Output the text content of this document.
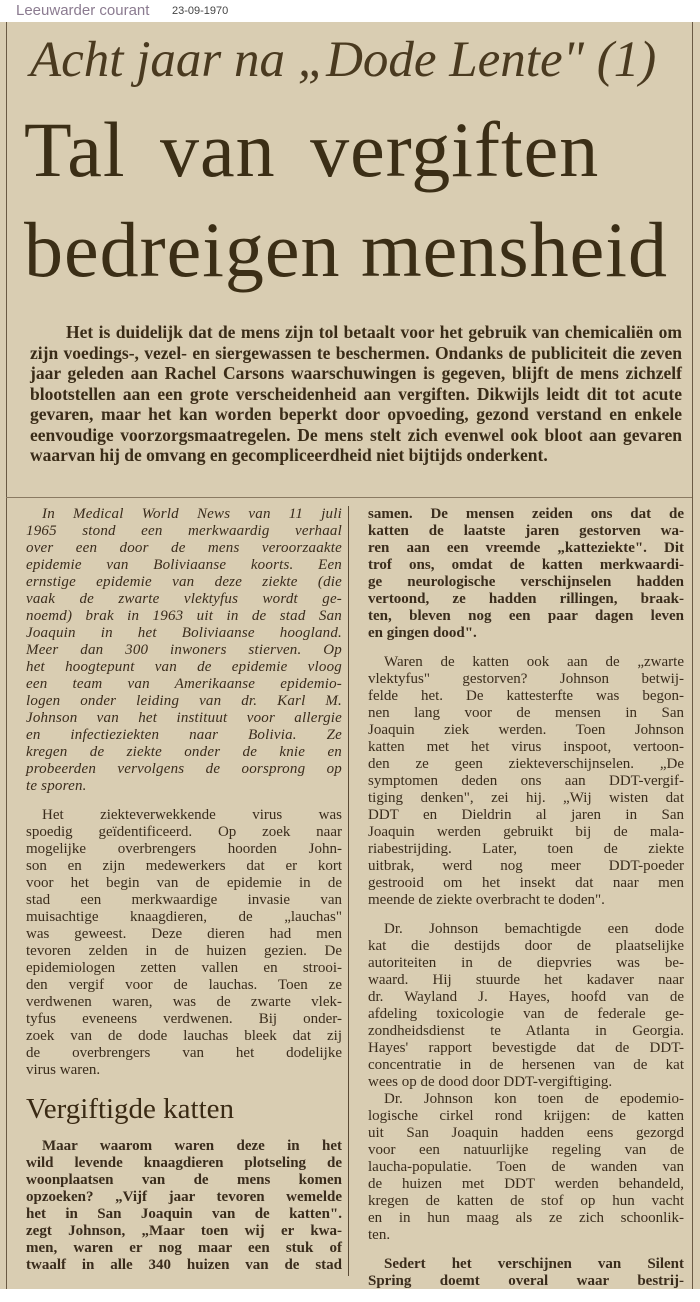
Leeuwarder courant 23-09-1970
Acht jaar na „Dode Lente" (1)
Tal van vergiften
bedreigen mensheid
Het is duidelijk dat de mens zijn tol betaalt voor het gebruik van chemicaliën om zijn voedings-, vezel- en siergewassen te beschermen. Ondanks de publiciteit die zeven jaar geleden aan Rachel Carsons waarschuwingen is gegeven, blijft de mens zichzelf blootstellen aan een grote verscheidenheid aan vergiften. Dikwijls leidt dit tot acute gevaren, maar het kan worden beperkt door opvoeding, gezond verstand en enkele eenvoudige voorzorgsmaatregelen. De mens stelt zich evenwel ook bloot aan gevaren waarvan hij de omvang en gecompliceerdheid niet bijtijds onderkent.
In Medical World News van 11 juli
1965 stond een merkwaardig verhaal
over een door de mens veroorzaakte
epidemie van Boliviaanse koorts. Een
ernstige epidemie van deze ziekte (die
vaak de zwarte vlektyfus wordt ge-
noemd) brak in 1963 uit in de stad San
Joaquin in het Boliviaanse hoogland.
Meer dan 300 inwoners stierven. Op
het hoogtepunt van de epidemie vloog
een team van Amerikaanse epidemio-
logen onder leiding van dr. Karl M.
Johnson van het instituut voor allergie
en infectieziekten naar Bolivia. Ze
kregen de ziekte onder de knie en
probeerden vervolgens de oorsprong op
te sporen.
Het ziekteverwekkende virus was
spoedig geïdentificeerd. Op zoek naar
mogelijke overbrengers hoorden John-
son en zijn medewerkers dat er kort
voor het begin van de epidemie in de
stad een merkwaardige invasie van
muisachtige knaagdieren, de „lauchas"
was geweest. Deze dieren had men
tevoren zelden in de huizen gezien. De
epidemiologen zetten vallen en strooi-
den vergif voor de lauchas. Toen ze
verdwenen waren, was de zwarte vlek-
tyfus eveneens verdwenen. Bij onder-
zoek van de dode lauchas bleek dat zij
de overbrengers van het dodelijke
virus waren.
Vergiftigde katten
Maar waarom waren deze in het
wild levende knaagdieren plotseling de
woonplaatsen van de mens komen
opzoeken? „Vijf jaar tevoren wemelde
het in San Joaquin van de katten".
zegt Johnson, „Maar toen wij er kwa-
men, waren er nog maar een stuk of
twaalf in alle 340 huizen van de stad
samen. De mensen zeiden ons dat de
katten de laatste jaren gestorven wa-
ren aan een vreemde „katteziekte". Dit
trof ons, omdat de katten merkwaardi-
ge neurologische verschijnselen hadden
vertoond, ze hadden rillingen, braak-
ten, bleven nog een paar dagen leven
en gingen dood".
Waren de katten ook aan de „zwarte
vlektyfus" gestorven? Johnson betwij-
felde het. De kattesterfte was begon-
nen lang voor de mensen in San
Joaquin ziek werden. Toen Johnson
katten met het virus inspoot, vertoon-
den ze geen ziekteverschijnselen. „De
symptomen deden ons aan DDT-vergif-
tiging denken", zei hij. „Wij wisten dat
DDT en Dieldrin al jaren in San
Joaquin werden gebruikt bij de mala-
riabestrijding. Later, toen de ziekte
uitbrak, werd nog meer DDT-poeder
gestrooid om het insekt dat naar men
meende de ziekte overbracht te doden".
Dr. Johnson bemachtigde een dode
kat die destijds door de plaatselijke
autoriteiten in de diepvries was be-
waard. Hij stuurde het kadaver naar
dr. Wayland J. Hayes, hoofd van de
afdeling toxicologie van de federale ge-
zondheidsdienst te Atlanta in Georgia.
Hayes' rapport bevestigde dat de DDT-
concentratie in de hersenen van de kat
wees op de dood door DDT-vergiftiging.
Dr. Johnson kon toen de epodemio-
logische cirkel rond krijgen: de katten
uit San Joaquin hadden eens gezorgd
voor een natuurlijke regeling van de
laucha-populatie. Toen de wanden van
de huizen met DDT werden behandeld,
kregen de katten de stof op hun vacht
en in hun maag als ze zich schoonlik-
ten.
Sedert het verschijnen van Silent
Spring doemt overal waar bestrij-
